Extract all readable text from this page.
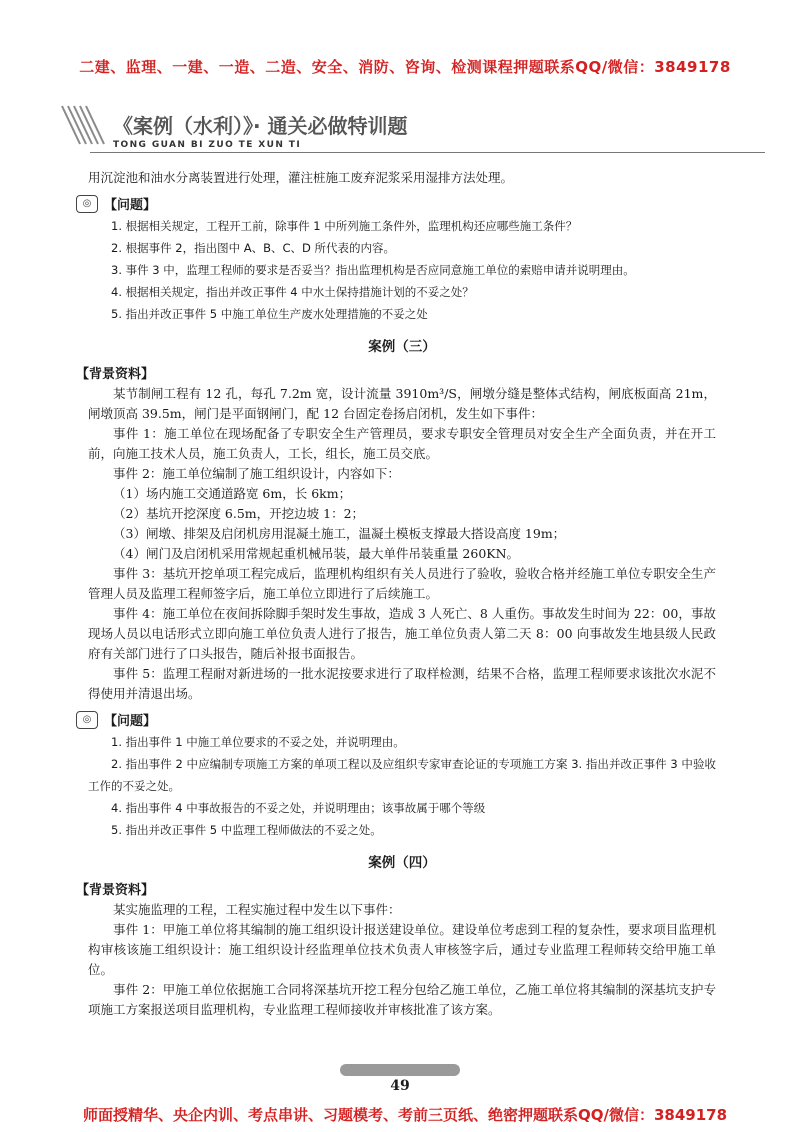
二建、监理、一建、一造、二造、安全、消防、咨询、检测课程押题联系QQ/微信：3849178
《案例（水利）》· 通关必做特训题
TONG GUAN BI ZUO TE XUN TI

用沉淀池和油水分离装置进行处理，灌注桩施工废弃泥浆采用湿排方法处理。

◎ 【问题】

1. 根据相关规定，工程开工前，除事件 1 中所列施工条件外，监理机构还应哪些施工条件？

2. 根据事件 2，指出图中 A、B、C、D 所代表的内容。

3. 事件 3 中，监理工程师的要求是否妥当？指出监理机构是否应同意施工单位的索赔申请并说明理由。

4. 根据相关规定，指出并改正事件 4 中水土保持措施计划的不妥之处？

5. 指出并改正事件 5 中施工单位生产废水处理措施的不妥之处

案例（三）
【背景资料】

某节制闸工程有 12 孔，每孔 7.2m 宽，设计流量 3910m³/S，闸墩分缝是整体式结构，闸底板面高 21m，闸墩顶高 39.5m，闸门是平面钢闸门，配 12 台固定卷扬启闭机，发生如下事件：

事件 1：施工单位在现场配备了专职安全生产管理员，要求专职安全管理员对安全生产全面负责，并在开工前，向施工技术人员，施工负责人，工长，组长，施工员交底。

事件 2：施工单位编制了施工组织设计，内容如下：

（1）场内施工交通道路宽 6m，长 6km；

（2）基坑开挖深度 6.5m，开挖边坡 1：2；

（3）闸墩、排架及启闭机房用混凝土施工，温凝土模板支撑最大搭设高度 19m；

（4）闸门及启闭机采用常规起重机械吊装，最大单件吊装重量 260KN。

事件 3：基坑开挖单项工程完成后，监理机构组织有关人员进行了验收，验收合格并经施工单位专职安全生产管理人员及监理工程师签字后，施工单位立即进行了后续施工。

事件 4：施工单位在夜间拆除脚手架时发生事故，造成 3 人死亡、8 人重伤。事故发生时间为 22：00，事故现场人员以电话形式立即向施工单位负责人进行了报告，施工单位负责人第二天 8：00 向事故发生地县级人民政府有关部门进行了口头报告，随后补报书面报告。

事件 5：监理工程耐对新进场的一批水泥按要求进行了取样检测，结果不合格，监理工程师要求该批次水泥不得使用并清退出场。

◎ 【问题】

1. 指出事件 1 中施工单位要求的不妥之处，并说明理由。

2. 指出事件 2 中应编制专项施工方案的单项工程以及应组织专家审查论证的专项施工方案 3. 指出并改正事件 3 中验收工作的不妥之处。

4. 指出事件 4 中事故报告的不妥之处，并说明理由；该事故属于哪个等级

5. 指出并改正事件 5 中监理工程师做法的不妥之处。

案例（四）
【背景资料】

某实施监理的工程，工程实施过程中发生以下事件：

事件 1：甲施工单位将其编制的施工组织设计报送建设单位。建设单位考虑到工程的复杂性，要求项目监理机构审核该施工组织设计：施工组织设计经监理单位技术负责人审核签字后，通过专业监理工程师转交给甲施工单位。

事件 2：甲施工单位依据施工合同将深基坑开挖工程分包给乙施工单位，乙施工单位将其编制的深基坑支护专项施工方案报送项目监理机构，专业监理工程师接收并审核批准了该方案。

49
师面授精华、央企内训、考点串讲、习题模考、考前三页纸、绝密押题联系QQ/微信：3849178
